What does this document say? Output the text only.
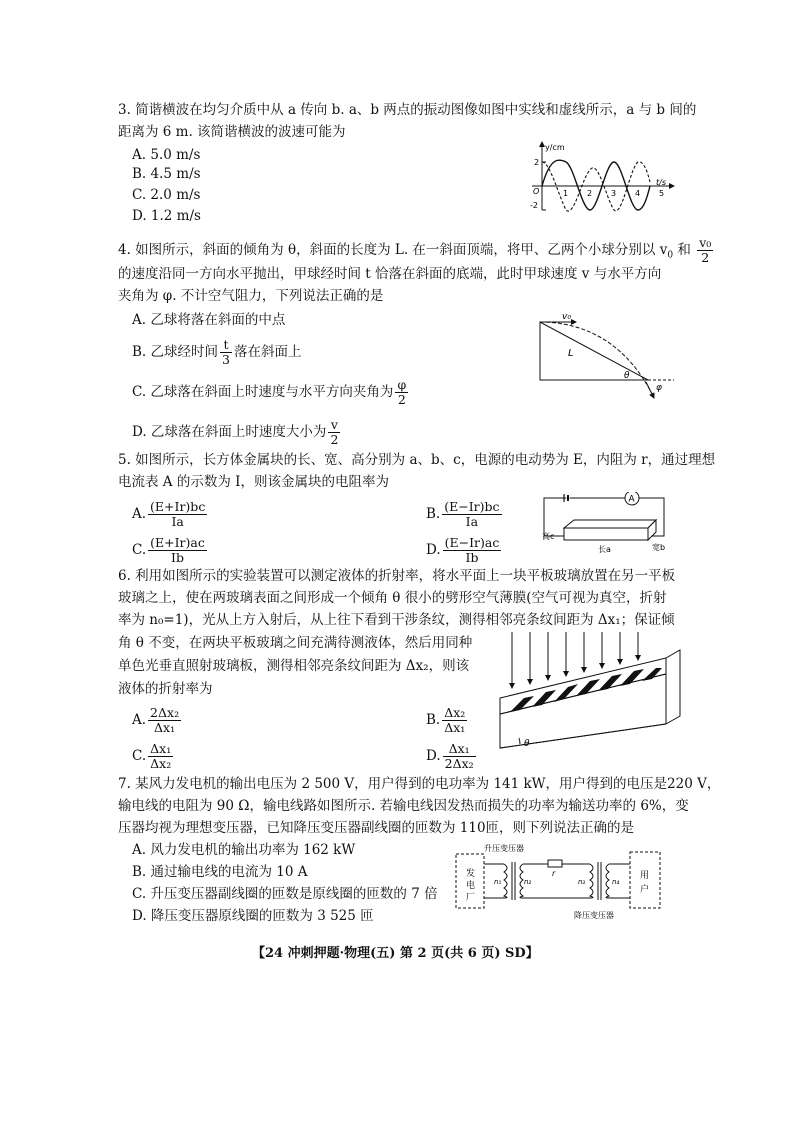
3. 简谐横波在均匀介质中从 a 传向 b. a、b 两点的振动图像如图中实线和虚线所示，a 与 b 间的
距离为 6 m. 该简谐横波的波速可能为
A. 5.0 m/s
B. 4.5 m/s
C. 2.0 m/s
D. 1.2 m/s
y/cm
t/s
O
2
-2
1 2 3 4 5
4. 如图所示，斜面的倾角为 θ，斜面的长度为 L. 在一斜面顶端，将甲、乙两个小球分别以 $v_0$ 和 $\frac{\text{v₀}}{2}$
的速度沿同一方向水平抛出，甲球经时间 t 恰落在斜面的底端，此时甲球速度 v 与水平方向
夹角为 φ. 不计空气阻力，下列说法正确的是
A. 乙球将落在斜面的中点
B. 乙球经时间 $\frac{t}{3}$ 落在斜面上
C. 乙球落在斜面上时速度与水平方向夹角为 $\frac{\varphi}{2}$
D. 乙球落在斜面上时速度大小为 $\frac{v}{2}$
v₀
L
θ
φ
5. 如图所示，长方体金属块的长、宽、高分别为 a、b、c，电源的电动势为 E，内阻为 r，通过理想
电流表 A 的示数为 I，则该金属块的电阻率为
A. $\frac{(E+Ir)bc}{Ia}$	B. $\frac{(E-Ir)bc}{Ia}$
C. $\frac{(E+Ir)ac}{Ib}$	D. $\frac{(E-Ir)ac}{Ib}$
A
高c
长a	宽b
6. 利用如图所示的实验装置可以测定液体的折射率，将水平面上一块平板玻璃放置在另一平板
玻璃之上，使在两玻璃表面之间形成一个倾角 θ 很小的劈形空气薄膜(空气可视为真空，折射
率为 n₀=1)，光从上方入射后，从上往下看到干涉条纹，测得相邻亮条纹间距为 Δx₁；保证倾
角 θ 不变，在两块平板玻璃之间充满待测液体，然后用同种
单色光垂直照射玻璃板，测得相邻亮条纹间距为 Δx₂，则该
液体的折射率为
A. $\frac{\text{2Δx₂}}{\text{Δx₁}}$	B. $\frac{\text{Δx₂}}{\text{Δx₁}}$
C. $\frac{\text{Δx₁}}{\text{Δx₂}}$	D. $\frac{\text{Δx₁}}{\text{2Δx₂}}$	θ
7. 某风力发电机的输出电压为 2 500 V，用户得到的电功率为 141 kW，用户得到的电压是220 V，
输电线的电阻为 90 Ω，输电线路如图所示. 若输电线因发热而损失的功率为输送功率的 6%，变
压器均视为理想变压器，已知降压变压器副线圈的匝数为 110匝，则下列说法正确的是
A. 风力发电机的输出功率为 162 kW
B. 通过输电线的电流为 10 A
C. 升压变压器副线圈的匝数是原线圈的匝数的 7 倍
D. 降压变压器原线圈的匝数为 3 525 匝
升压变压器
降压变压器
发
电
厂
用
户
r
n₁	n₂	n₃	n₄
【24 冲刺押题·物理(五) 第 2 页(共 6 页) SD】
